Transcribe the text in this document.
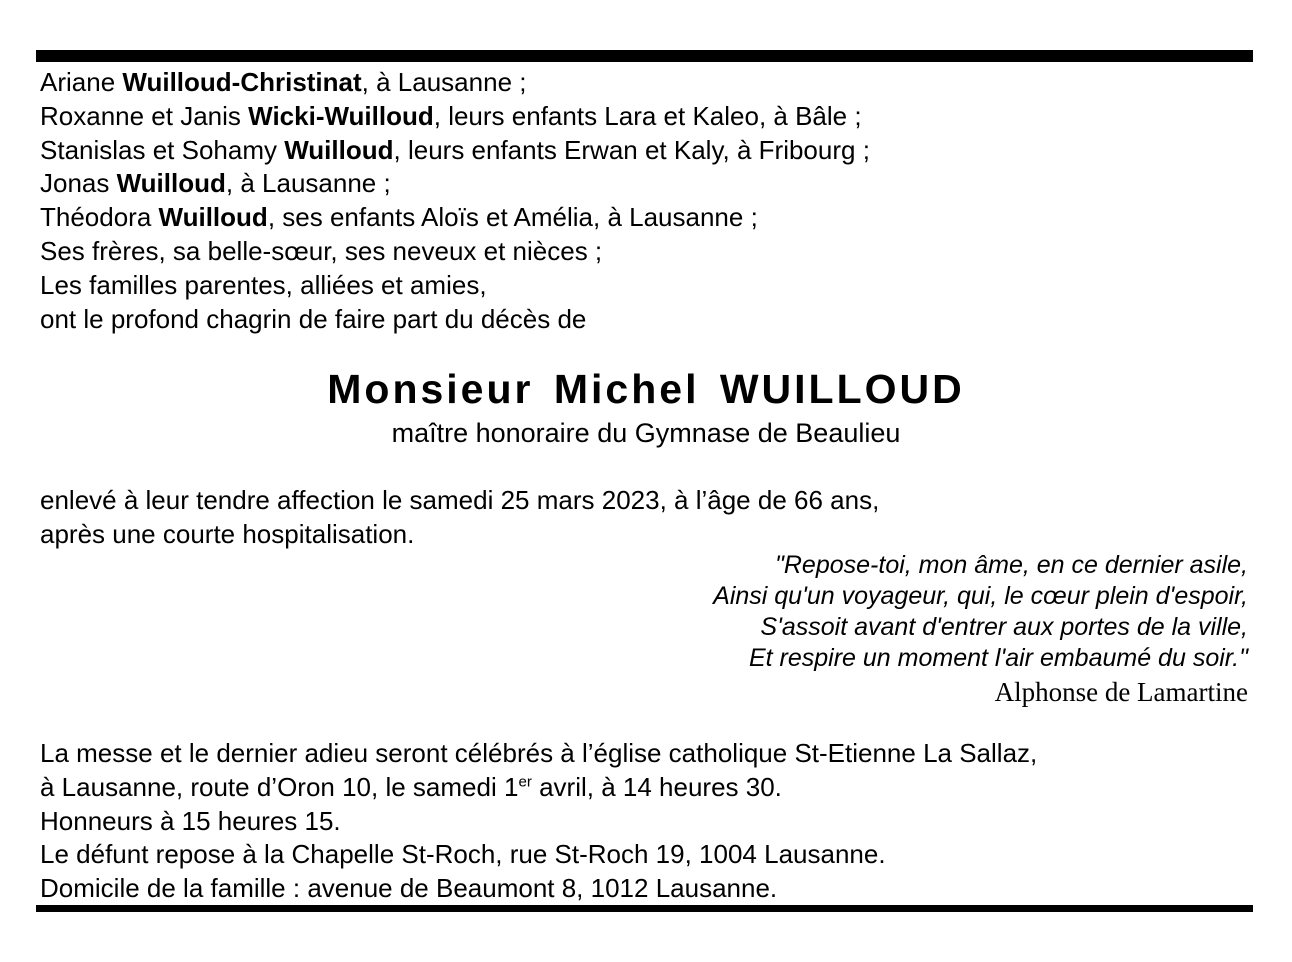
Ariane Wuilloud-Christinat, à Lausanne ;
Roxanne et Janis Wicki-Wuilloud, leurs enfants Lara et Kaleo, à Bâle ;
Stanislas et Sohamy Wuilloud, leurs enfants Erwan et Kaly, à Fribourg ;
Jonas Wuilloud, à Lausanne ;
Théodora Wuilloud, ses enfants Aloïs et Amélia, à Lausanne ;
Ses frères, sa belle-sœur, ses neveux et nièces ;
Les familles parentes, alliées et amies,
ont le profond chagrin de faire part du décès de
Monsieur Michel WUILLOUD
maître honoraire du Gymnase de Beaulieu
enlevé à leur tendre affection le samedi 25 mars 2023, à l’âge de 66 ans,
après une courte hospitalisation.
"Repose-toi, mon âme, en ce dernier asile,
Ainsi qu'un voyageur, qui, le cœur plein d'espoir,
S'assoit avant d'entrer aux portes de la ville,
Et respire un moment l'air embaumé du soir."
Alphonse de Lamartine
La messe et le dernier adieu seront célébrés à l’église catholique St-Etienne La Sallaz,
à Lausanne, route d’Oron 10, le samedi 1er avril, à 14 heures 30.
Honneurs à 15 heures 15.
Le défunt repose à la Chapelle St-Roch, rue St-Roch 19, 1004 Lausanne.
Domicile de la famille : avenue de Beaumont 8, 1012 Lausanne.
